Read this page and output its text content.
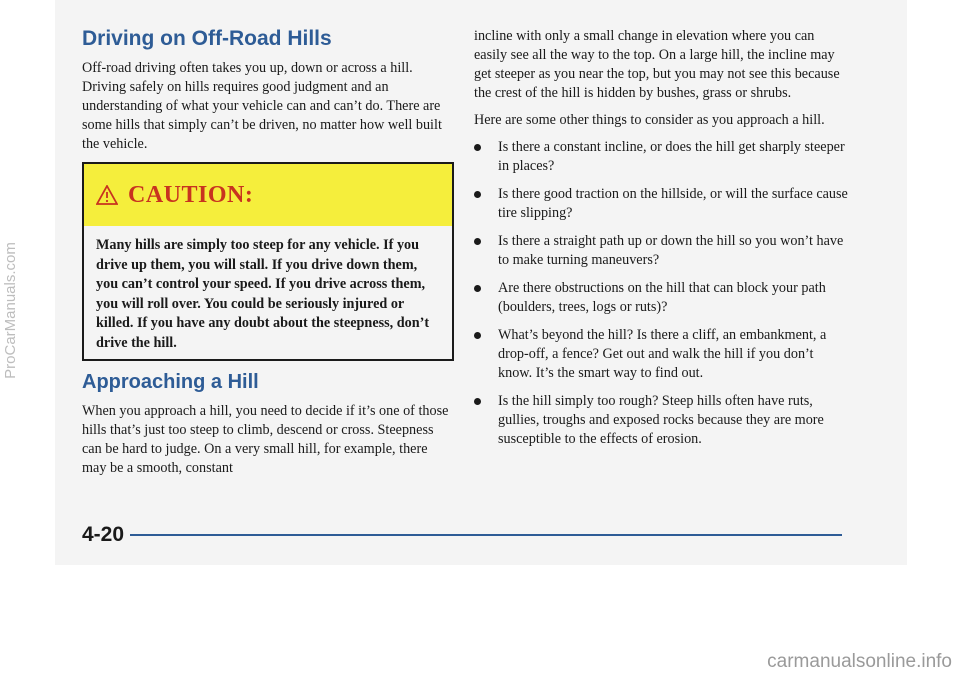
Driving on Off-Road Hills

Off-road driving often takes you up, down or across a hill. Driving safely on hills requires good judgment and an understanding of what your vehicle can and can’t do. There are some hills that simply can’t be driven, no matter how well built the vehicle.

CAUTION:
Many hills are simply too steep for any vehicle. If you drive up them, you will stall. If you drive down them, you can’t control your speed. If you drive across them, you will roll over. You could be seriously injured or killed. If you have any doubt about the steepness, don’t drive the hill.
Approaching a Hill

When you approach a hill, you need to decide if it’s one of those hills that’s just too steep to climb, descend or cross. Steepness can be hard to judge. On a very small hill, for example, there may be a smooth, constant

incline with only a small change in elevation where you can easily see all the way to the top. On a large hill, the incline may get steeper as you near the top, but you may not see this because the crest of the hill is hidden by bushes, grass or shrubs.

Here are some other things to consider as you approach a hill.

Is there a constant incline, or does the hill get sharply steeper in places?
Is there good traction on the hillside, or will the surface cause tire slipping?
Is there a straight path up or down the hill so you won’t have to make turning maneuvers?
Are there obstructions on the hill that can block your path (boulders, trees, logs or ruts)?
What’s beyond the hill? Is there a cliff, an embankment, a drop-off, a fence? Get out and walk the hill if you don’t know. It’s the smart way to find out.
Is the hill simply too rough? Steep hills often have ruts, gullies, troughs and exposed rocks because they are more susceptible to the effects of erosion.
4-20
ProCarManuals.com
carmanualsonline.info
